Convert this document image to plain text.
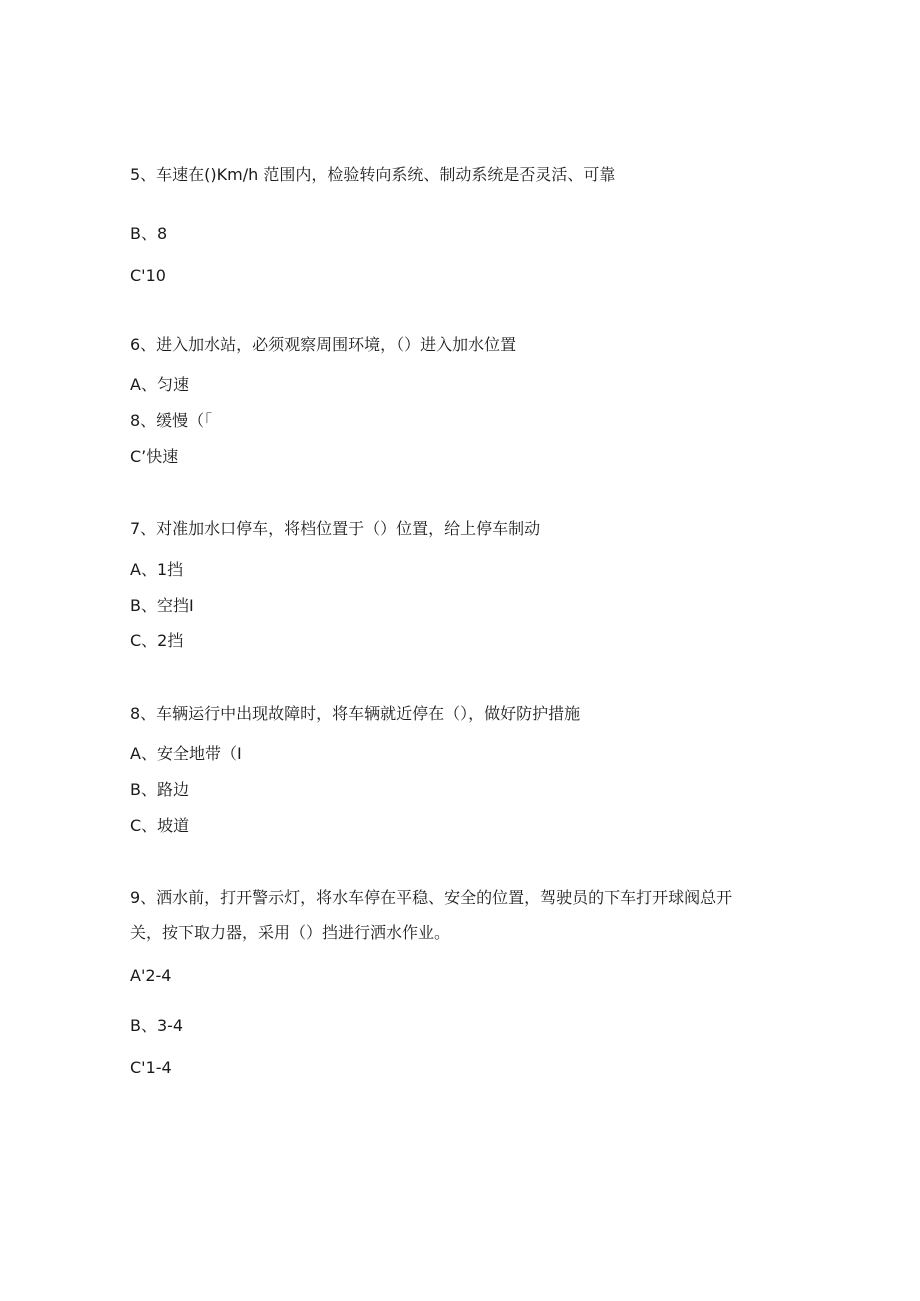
5、车速在()Km/h 范围内，检验转向系统、制动系统是否灵活、可靠
B、8
C'10
6、进入加水站，必须观察周围环境，（）进入加水位置
A、匀速
8、缓慢（「
C’快速
7、对准加水口停车，将档位置于（）位置，给上停车制动
A、1挡
B、空挡I
C、2挡
8、车辆运行中出现故障时，将车辆就近停在（），做好防护措施
A、安全地带（I
B、路边
C、坡道
9、洒水前，打开警示灯，将水车停在平稳、安全的位置，驾驶员的下车打开球阀总开
关，按下取力器，采用（）挡进行洒水作业。
A'2-4
B、3-4
C'1-4
